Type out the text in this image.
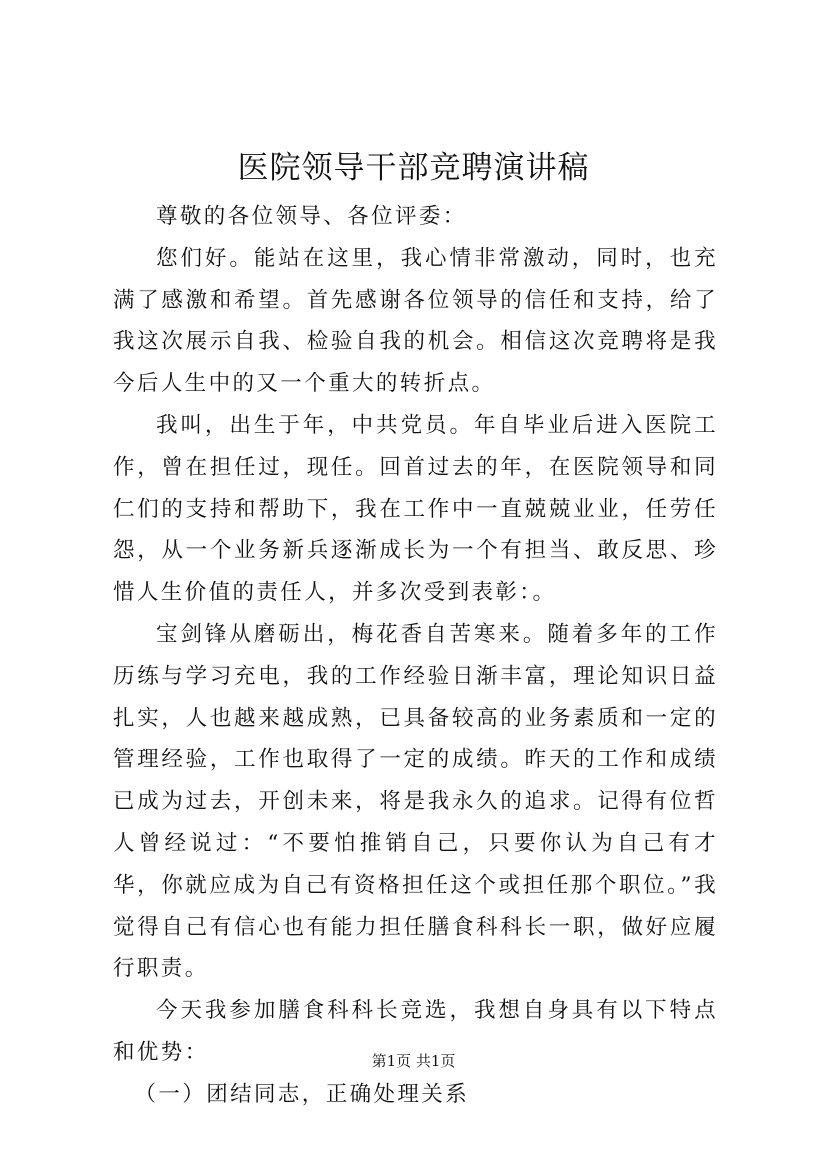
医院领导干部竞聘演讲稿

尊敬的各位领导、各位评委：

您们好。能站在这里，我心情非常激动，同时，也充满了感激和希望。首先感谢各位领导的信任和支持，给了我这次展示自我、检验自我的机会。相信这次竞聘将是我今后人生中的又一个重大的转折点。

我叫，出生于年，中共党员。年自毕业后进入医院工作，曾在担任过，现任。回首过去的年，在医院领导和同仁们的支持和帮助下，我在工作中一直兢兢业业，任劳任怨，从一个业务新兵逐渐成长为一个有担当、敢反思、珍惜人生价值的责任人，并多次受到表彰：。

宝剑锋从磨砺出，梅花香自苦寒来。随着多年的工作历练与学习充电，我的工作经验日渐丰富，理论知识日益扎实，人也越来越成熟，已具备较高的业务素质和一定的管理经验，工作也取得了一定的成绩。昨天的工作和成绩已成为过去，开创未来，将是我永久的追求。记得有位哲人曾经说过：“不要怕推销自己，只要你认为自己有才华，你就应成为自己有资格担任这个或担任那个职位。”我觉得自己有信心也有能力担任膳食科科长一职，做好应履行职责。

今天我参加膳食科科长竞选，我想自身具有以下特点和优势：

（一）团结同志，正确处理关系

第1页 共1页
